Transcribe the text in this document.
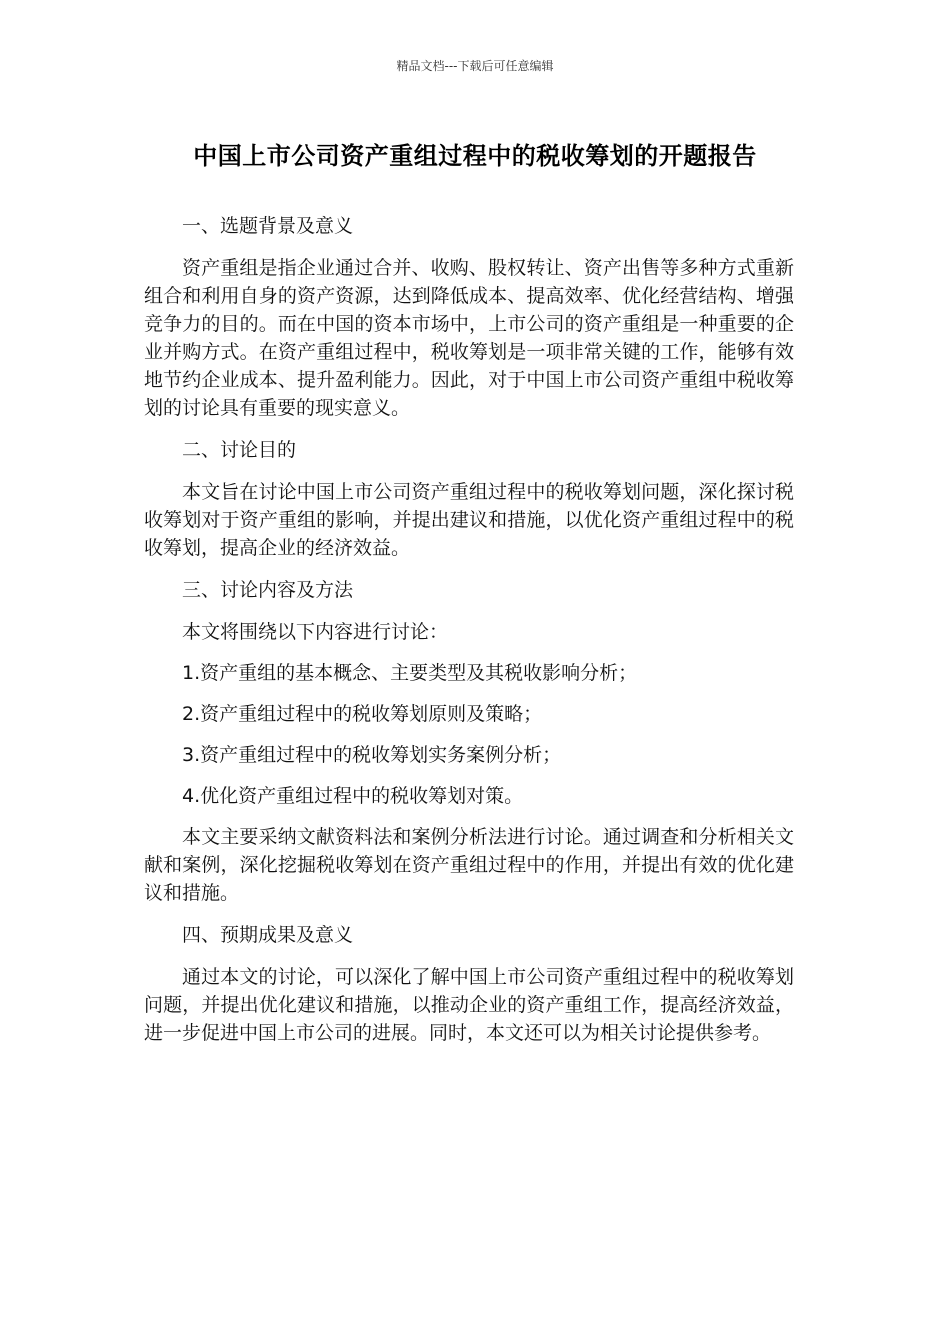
精品文档---下载后可任意编辑
中国上市公司资产重组过程中的税收筹划的开题报告

一、选题背景及意义

资产重组是指企业通过合并、收购、股权转让、资产出售等多种方式重新组合和利用自身的资产资源，达到降低成本、提高效率、优化经营结构、增强竞争力的目的。而在中国的资本市场中，上市公司的资产重组是一种重要的企业并购方式。在资产重组过程中，税收筹划是一项非常关键的工作，能够有效地节约企业成本、提升盈利能力。因此，对于中国上市公司资产重组中税收筹划的讨论具有重要的现实意义。

二、讨论目的

本文旨在讨论中国上市公司资产重组过程中的税收筹划问题，深化探讨税收筹划对于资产重组的影响，并提出建议和措施，以优化资产重组过程中的税收筹划，提高企业的经济效益。

三、讨论内容及方法

本文将围绕以下内容进行讨论：

1.资产重组的基本概念、主要类型及其税收影响分析；

2.资产重组过程中的税收筹划原则及策略；

3.资产重组过程中的税收筹划实务案例分析；

4.优化资产重组过程中的税收筹划对策。

本文主要采纳文献资料法和案例分析法进行讨论。通过调查和分析相关文献和案例，深化挖掘税收筹划在资产重组过程中的作用，并提出有效的优化建议和措施。

四、预期成果及意义

通过本文的讨论，可以深化了解中国上市公司资产重组过程中的税收筹划问题，并提出优化建议和措施，以推动企业的资产重组工作，提高经济效益，进一步促进中国上市公司的进展。同时，本文还可以为相关讨论提供参考。
